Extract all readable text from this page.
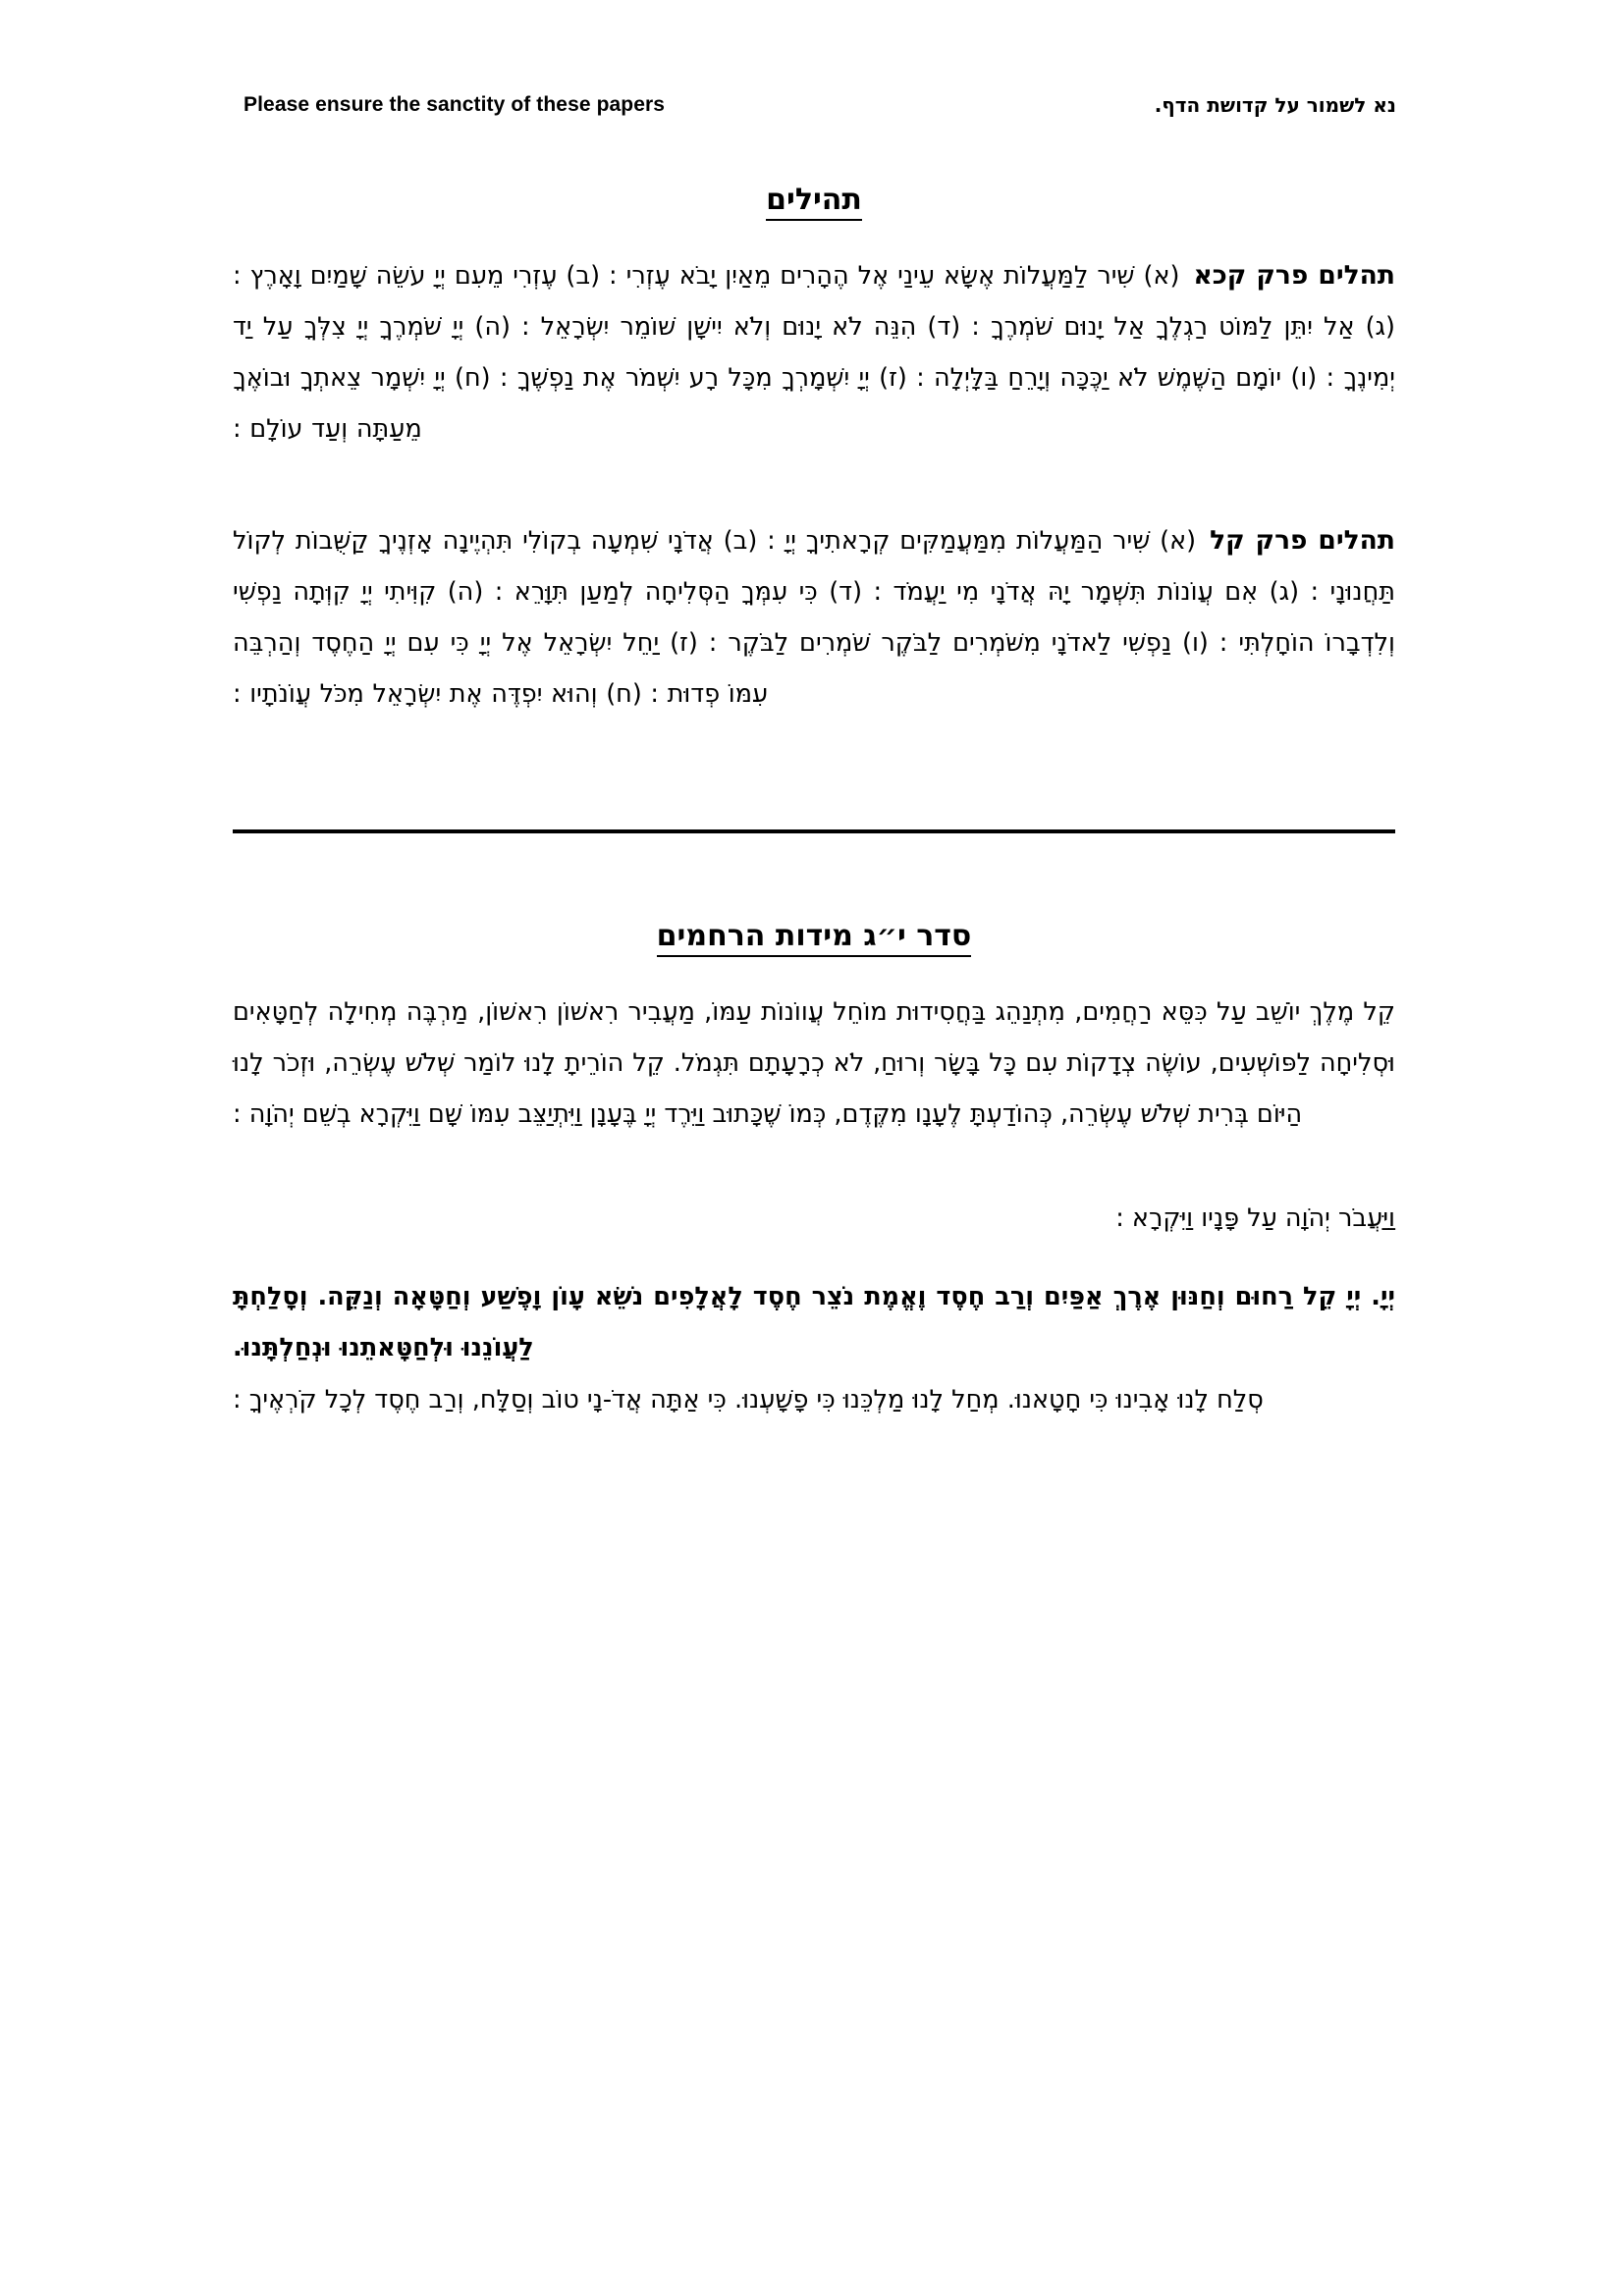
Please ensure the sanctity of these papers	נא לשמור על קדושת הדף.
תהילים
תהלים פרק קכא(א) שִׁיר לַמַּעֲלוֹת אֶשָּׂא עֵינַי אֶל הֶהָרִים מֵאַיִן יָבֹא עֶזְרִי : (ב) עֶזְרִי מֵעִם יְיָ עֹשֵׂה שָׁמַיִם וָאָרֶץ : (ג) אַל יִתֵּן לַמּוֹט רַגְלֶךָ אַל יָנוּם שֹׁמְרֶךָ : (ד) הִנֵּה לֹא יָנוּם וְלֹא יִישָׁן שׁוֹמֵר יִשְׂרָאֵל : (ה) יְיָ שֹׁמְרֶךָ יְיָ צִלְּךָ עַל יַד יְמִינֶךָ : (ו) יוֹמָם הַשֶּׁמֶשׁ לֹא יַכֶּכָּה וְיָרֵחַ בַּלָּיְלָה : (ז) יְיָ יִשְׁמָרְךָ מִכָּל רָע יִשְׁמֹר אֶת נַפְשֶׁךָ : (ח) יְיָ יִשְׁמָר צֵאתְךָ וּבוֹאֶךָ מֵעַתָּה וְעַד עוֹלָם :
תהלים פרק קל(א) שִׁיר הַמַּעֲלוֹת מִמַּעֲמַקִּים קְרָאתִיךָ יְיָ : (ב) אֲדֹנָי שִׁמְעָה בְקוֹלִי תִּהְיֶינָה אָזְנֶיךָ קַשֻּׁבוֹת לְקוֹל תַּחֲנוּנָי : (ג) אִם עֲוֹנוֹת תִּשְׁמָר יָהּ אֲדֹנָי מִי יַעֲמֹד : (ד) כִּי עִמְּךָ הַסְּלִיחָה לְמַעַן תִּוָּרֵא : (ה) קִוִּיתִי יְיָ קִוְּתָה נַפְשִׁי וְלִדְבָרוֹ הוֹחָלְתִּי : (ו) נַפְשִׁי לַאדֹנָי מִשֹּׁמְרִים לַבֹּקֶר שֹׁמְרִים לַבֹּקֶר : (ז) יַחֵל יִשְׂרָאֵל אֶל יְיָ כִּי עִם יְיָ הַחֶסֶד וְהַרְבֵּה עִמּוֹ פְדוּת : (ח) וְהוּא יִפְדֶּה אֶת יִשְׂרָאֵל מִכֹּל עֲוֹנֹתָיו :
סדר י״ג מידות הרחמים
קֵל מֶלֶךְ יוֹשֵׁב עַל כִּסֵּא רַחֲמִים, מִתְנַהֵג בַּחֲסִידוּת מוֹחֵל עֲווֹנוֹת עַמּוֹ, מַעֲבִיר רִאשׁוֹן רִאשׁוֹן, מַרְבֶּה מְחִילָה לְחַטָּאִים וּסְלִיחָה לַפּוֹשְׁעִים, עוֹשֶׂה צְדָקוֹת עִם כָּל בָּשָׂר וְרוּחַ, לֹא כְרָעָתָם תִּגְמֹל. קֵל הוֹרֵיתָ לָנוּ לוֹמַר שְׁלֹשׁ עֶשְׂרֵה, וּזְכֹר לָנוּ הַיּוֹם בְּרִית שְׁלֹשׁ עֶשְׂרֵה, כְּהוֹדַעְתָּ לֶעָנָו מִקֶּדֶם, כְּמוֹ שֶׁכָּתוּב וַיֵּרֶד יְיָ בֶּעָנָן וַיִּתְיַצֵּב עִמּוֹ שָׁם וַיִּקְרָא בְשֵׁם יְהֹוָה :
וַיַּעֲבֹר יְהֹוָה עַל פָּנָיו וַיִּקְרָא :
יְיָ. יְיָ קֵל רַחוּם וְחַנּוּן אֶרֶךְ אַפַּיִם וְרַב חֶסֶד וֶאֱמֶת נֹצֵר חֶסֶד לָאֲלָפִים נֹשֵׂא עָוֹן וָפֶשַׁע וְחַטָּאָה וְנַקֵּה. וְסָלַחְתָּ לַעֲוֹנֵנוּ וּלְחַטָּאתֵנוּ וּנְחַלְתָּנוּ.
סְלַח לָנוּ אָבִינוּ כִּי חָטָאנוּ. מְחַל לָנוּ מַלְכֵּנוּ כִּי פָשָׁעְנוּ. כִּי אַתָּה אֲדֹ-נָי טוֹב וְסַלָּח, וְרַב חֶסֶד לְכָל קֹרְאֶיךָ :
